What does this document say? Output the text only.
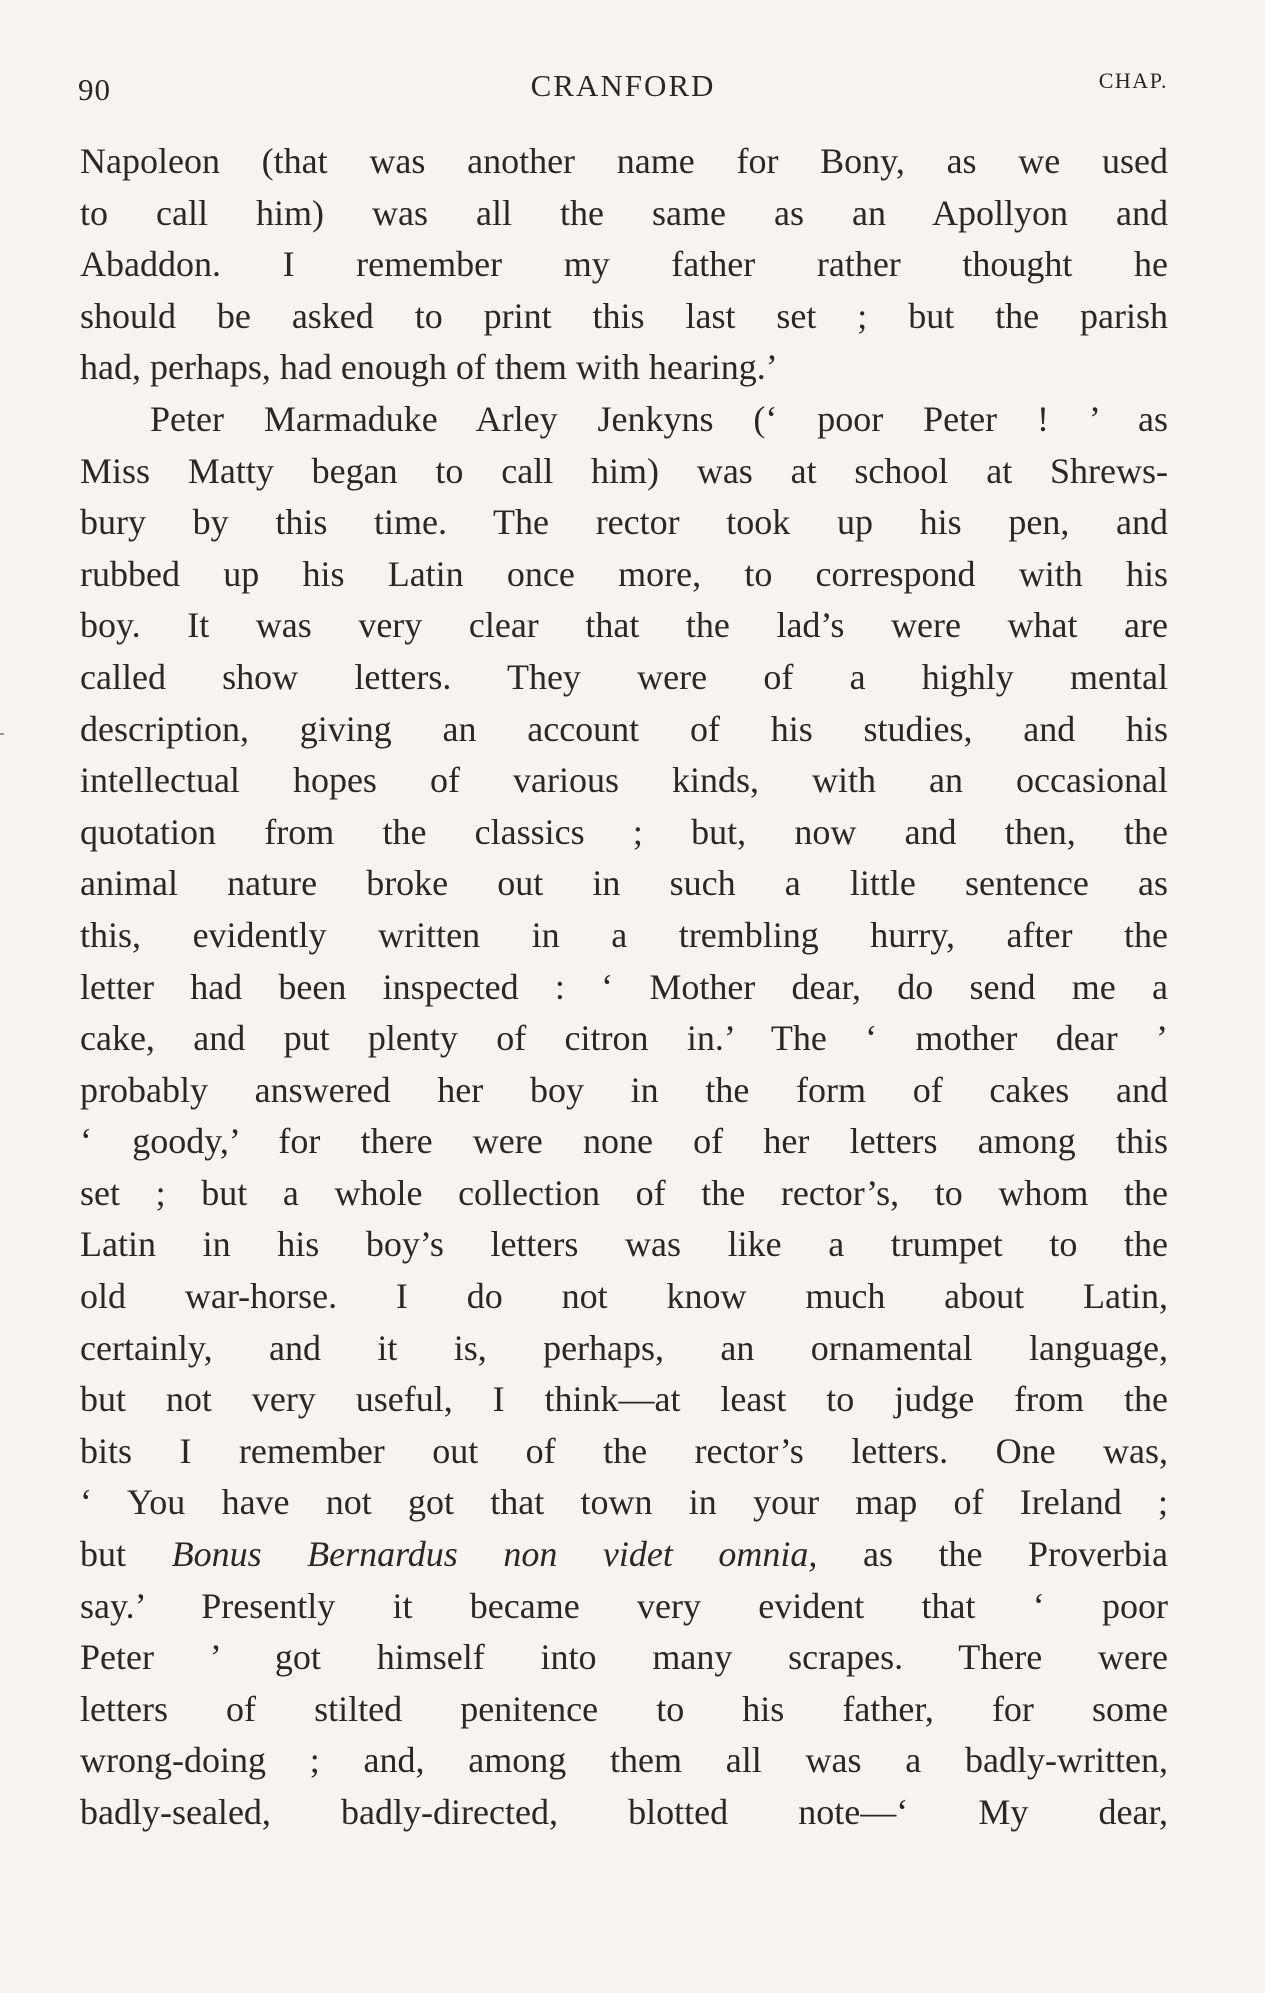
90	CRANFORD	CHAP.
Napoleon (that was another name for Bony, as we used
to call him) was all the same as an Apollyon and
Abaddon. I remember my father rather thought he
should be asked to print this last set ; but the parish
had, perhaps, had enough of them with hearing.’
Peter Marmaduke Arley Jenkyns (‘ poor Peter ! ’ as
Miss Matty began to call him) was at school at Shrews-
bury by this time. The rector took up his pen, and
rubbed up his Latin once more, to correspond with his
boy. It was very clear that the lad’s were what are
called show letters. They were of a highly mental
description, giving an account of his studies, and his
intellectual hopes of various kinds, with an occasional
quotation from the classics ; but, now and then, the
animal nature broke out in such a little sentence as
this, evidently written in a trembling hurry, after the
letter had been inspected : ‘ Mother dear, do send me a
cake, and put plenty of citron in.’ The ‘ mother dear ’
probably answered her boy in the form of cakes and
‘ goody,’ for there were none of her letters among this
set ; but a whole collection of the rector’s, to whom the
Latin in his boy’s letters was like a trumpet to the
old war-horse. I do not know much about Latin,
certainly, and it is, perhaps, an ornamental language,
but not very useful, I think—at least to judge from the
bits I remember out of the rector’s letters. One was,
‘ You have not got that town in your map of Ireland ;
but Bonus Bernardus non videt omnia, as the Proverbia
say.’ Presently it became very evident that ‘ poor
Peter ’ got himself into many scrapes. There were
letters of stilted penitence to his father, for some
wrong-doing ; and, among them all was a badly-written,
badly-sealed, badly-directed, blotted note—‘ My dear,
